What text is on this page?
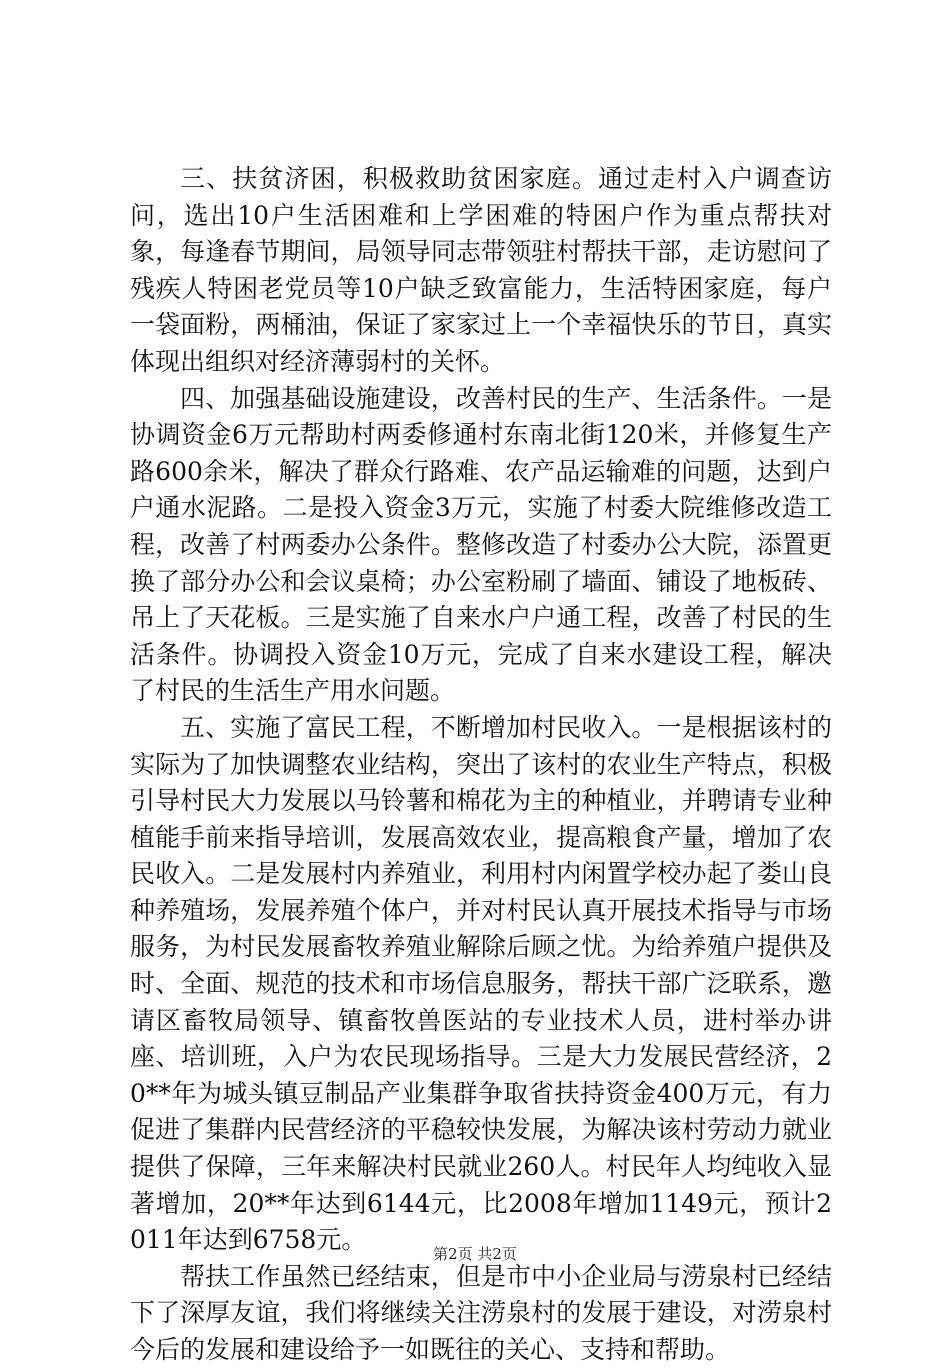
三、扶贫济困，积极救助贫困家庭。通过走村入户调查访问，选出10户生活困难和上学困难的特困户作为重点帮扶对象，每逢春节期间，局领导同志带领驻村帮扶干部，走访慰问了残疾人特困老党员等10户缺乏致富能力，生活特困家庭，每户一袋面粉，两桶油，保证了家家过上一个幸福快乐的节日，真实体现出组织对经济薄弱村的关怀。

四、加强基础设施建设，改善村民的生产、生活条件。一是协调资金6万元帮助村两委修通村东南北街120米，并修复生产路600余米，解决了群众行路难、农产品运输难的问题，达到户户通水泥路。二是投入资金3万元，实施了村委大院维修改造工程，改善了村两委办公条件。整修改造了村委办公大院，添置更换了部分办公和会议桌椅；办公室粉刷了墙面、铺设了地板砖、吊上了天花板。三是实施了自来水户户通工程，改善了村民的生活条件。协调投入资金10万元，完成了自来水建设工程，解决了村民的生活生产用水问题。

五、实施了富民工程，不断增加村民收入。一是根据该村的实际为了加快调整农业结构，突出了该村的农业生产特点，积极引导村民大力发展以马铃薯和棉花为主的种植业，并聘请专业种植能手前来指导培训，发展高效农业，提高粮食产量，增加了农民收入。二是发展村内养殖业，利用村内闲置学校办起了娄山良种养殖场，发展养殖个体户，并对村民认真开展技术指导与市场服务，为村民发展畜牧养殖业解除后顾之忧。为给养殖户提供及时、全面、规范的技术和市场信息服务，帮扶干部广泛联系，邀请区畜牧局领导、镇畜牧兽医站的专业技术人员，进村举办讲座、培训班，入户为农民现场指导。三是大力发展民营经济，20**年为城头镇豆制品产业集群争取省扶持资金400万元，有力促进了集群内民营经济的平稳较快发展，为解决该村劳动力就业提供了保障，三年来解决村民就业260人。村民年人均纯收入显著增加，20**年达到6144元，比2008年增加1149元，预计2011年达到6758元。

帮扶工作虽然已经结束，但是市中小企业局与涝泉村已经结下了深厚友谊，我们将继续关注涝泉村的发展于建设，对涝泉村今后的发展和建设给予一如既往的关心、支持和帮助。

第2页 共2页
